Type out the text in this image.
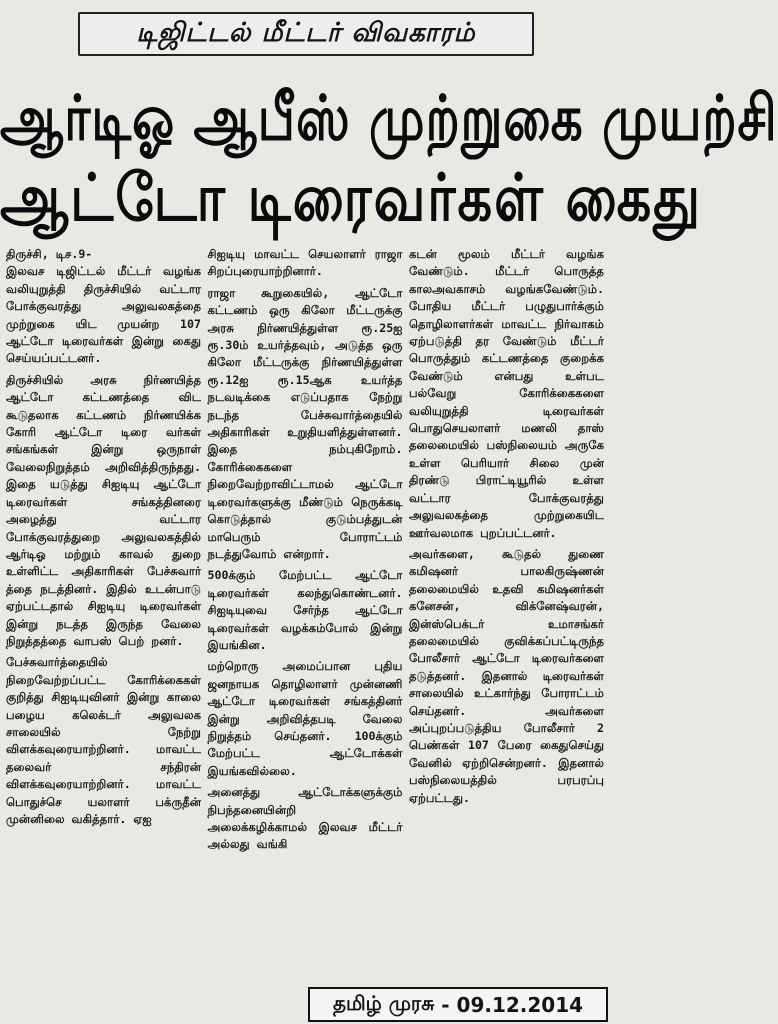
டிஜிட்டல் மீட்டர் விவகாரம்
ஆர்டிஓ ஆபீஸ் முற்றுகை முயற்சி
ஆட்டோ டிரைவர்கள் கைது

திருச்சி, டிச.9-
இலவச டிஜிட்டல் மீட்டர் வழங்க வலியுறுத்தி திருச்சியில் வட்டார போக்குவரத்து அலுவலகத்தை முற்றுகை யிட முயன்ற 107 ஆட்டோ டிரைவர்கள் இன்று கைது செய்யப்பட்டனர்.

திருச்சியில் அரசு நிர்ணயித்த ஆட்டோ கட்டணத்தை விட கூடுதலாக கட்டணம் நிர்ணயிக்க கோரி ஆட்டோ டிரை வர்கள் சங்கங்கள் இன்று ஒருநாள் வேலைநிறுத்தம் அறிவித்திருந்தது. இதை யடுத்து சிஐடியு ஆட்டோ டிரைவர்கள் சங்கத்தினரை அழைத்து வட்டார போக்குவரத்துறை அலுவலகத்தில் ஆர்டிஓ மற்றும் காவல் துறை உள்ளிட்ட அதிகாரிகள் பேச்சுவார் த்தை நடத்தினர். இதில் உடன்பாடு ஏற்பட்டதால் சிஐடியு டிரைவர்கள் இன்று நடத்த இருந்த வேலை நிறுத்தத்தை வாபஸ் பெற் றனர்.

பேச்சுவார்த்தையில் நிறைவேற்றப்பட்ட கோரிக்கைகள் குறித்து சிஐடியுவினர் இன்று காலை பழைய கலெக்டர் அலுவலக சாலையில் நேற்று விளக்கவுரையாற்றினர். மாவட்ட தலைவர் சந்திரன் விளக்கவுரையாற்றினர். மாவட்ட பொதுச்செ யலாளர் பக்ருதீன் முன்னிலை வகித்தார். ஏஐ

சிஐடியு மாவட்ட செயலாளர் ராஜா சிறப்புரையாற்றினார்.

ராஜா கூறுகையில், ஆட்டோ கட்டணம் ஒரு கிலோ மீட்டருக்கு அரசு நிர்ணயித்துள்ள ரூ.25ஐ ரூ.30ம் உயர்த்தவும், அடுத்த ஒரு கிலோ மீட்டருக்கு நிர்ணயித்துள்ள ரூ.12ஐ ரூ.15ஆக உயர்த்த நடவடிக்கை எடுப்பதாக நேற்று நடந்த பேச்சுவார்த்தையில் அதிகாரிகள் உறுதியளித்துள்ளனர். இதை நம்புகிறோம். கோரிக்கைகளை நிறைவேற்றாவிட்டாமல் ஆட்டோ டிரைவர்களுக்கு மீண்டும் நெருக்கடி கொடுத்தால் குடும்பத்துடன் மாபெரும் போராட்டம் நடத்துவோம் என்றார்.

500க்கும் மேற்பட்ட ஆட்டோ டிரைவர்கள் கலந்துகொண்டனர். சிஐடியுவை சேர்ந்த ஆட்டோ டிரைவர்கள் வழக்கம்போல் இன்று இயங்கின.

மற்றொரு அமைப்பான புதிய ஜனநாயக தொழிலாளர் முன்னணி ஆட்டோ டிரைவர்கள் சங்கத்தினர் இன்று அறிவித்தபடி வேலை நிறுத்தம் செய்தனர். 100க்கும் மேற்பட்ட ஆட்டோக்கள் இயங்கவில்லை.

அனைத்து ஆட்டோக்களுக்கும் நிபந்தனையின்றி அலைக்கழிக்காமல் இலவச மீட்டர் அல்லது வங்கி

கடன் மூலம் மீட்டர் வழங்க வேண்டும். மீட்டர் பொருத்த காலஅவகாசம் வழங்கவேண்டும். போதிய மீட்டர் பழுதுபார்க்கும் தொழிலாளர்கள் மாவட்ட நிர்வாகம் ஏற்படுத்தி தர வேண்டும் மீட்டர் பொருத்தும் கட்டணத்தை குறைக்க வேண்டும் என்பது உள்பட பல்வேறு கோரிக்கைகளை வலியுறுத்தி டிரைவர்கள் பொதுசெயலாளர் மணலி தாஸ் தலைமையில் பஸ்நிலையம் அருகே உள்ள பெரியார் சிலை முன் திரண்டு பிராட்டியூரில் உள்ள வட்டார போக்குவரத்து அலுவலகத்தை முற்றுகையிட ஊர்வலமாக புறப்பட்டனர்.

அவர்களை, கூடுதல் துணை கமிஷனர் பாலகிருஷ்ணன் தலைமையில் உதவி கமிஷனர்கள் கனேசன், விக்னேஷ்வரன், இன்ஸ்பெக்டர் உமாசங்கர் தலைமையில் குவிக்கப்பட்டிருந்த போலீசார் ஆட்டோ டிரைவர்களை தடுத்தனர். இதனால் டிரைவர்கள் சாலையில் உட்கார்ந்து போராட்டம் செய்தனர். அவர்களை அப்புறப்படுத்திய போலீசார் 2 பெண்கள் 107 பேரை கைதுசெய்து வேனில் ஏற்றிசென்றனர். இதனால் பஸ்நிலையத்தில் பரபரப்பு ஏற்பட்டது.

தமிழ் முரசு - 09.12.2014
